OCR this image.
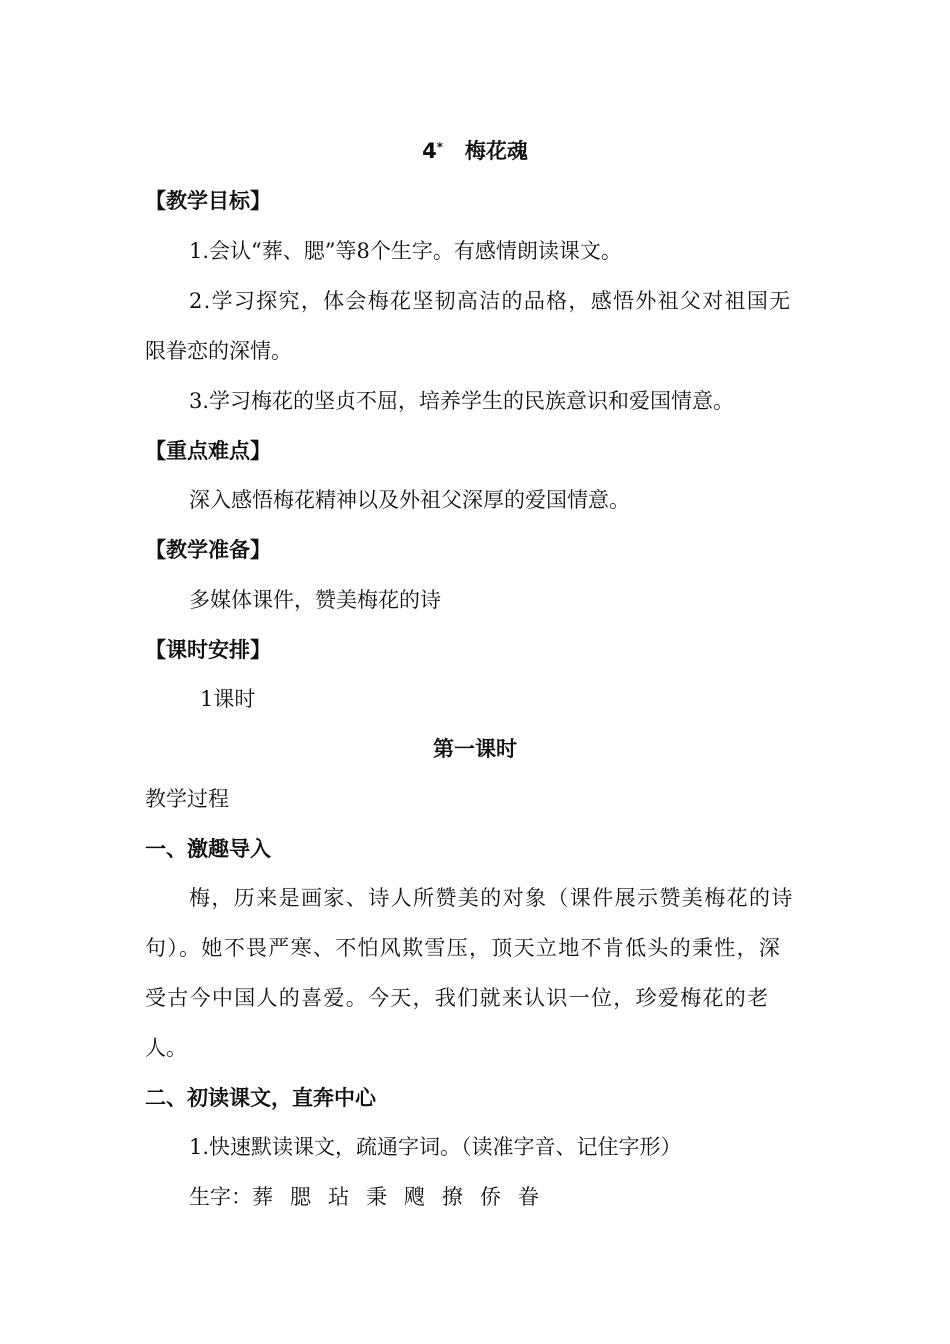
4* 梅花魂
【教学目标】
1.会认“葬、腮”等8个生字。有感情朗读课文。
2.学习探究，体会梅花坚韧高洁的品格，感悟外祖父对祖国无
限眷恋的深情。
3.学习梅花的坚贞不屈，培养学生的民族意识和爱国情意。
【重点难点】
深入感悟梅花精神以及外祖父深厚的爱国情意。
【教学准备】
多媒体课件，赞美梅花的诗
【课时安排】
1课时
第一课时
教学过程
一、激趣导入
梅，历来是画家、诗人所赞美的对象（课件展示赞美梅花的诗
句）。她不畏严寒、不怕风欺雪压，顶天立地不肯低头的秉性，深
受古今中国人的喜爱。今天，我们就来认识一位，珍爱梅花的老
人。
二、初读课文，直奔中心
1.快速默读课文，疏通字词。（读准字音、记住字形）
生字：葬 腮 玷 秉 飕 撩 侨 眷
